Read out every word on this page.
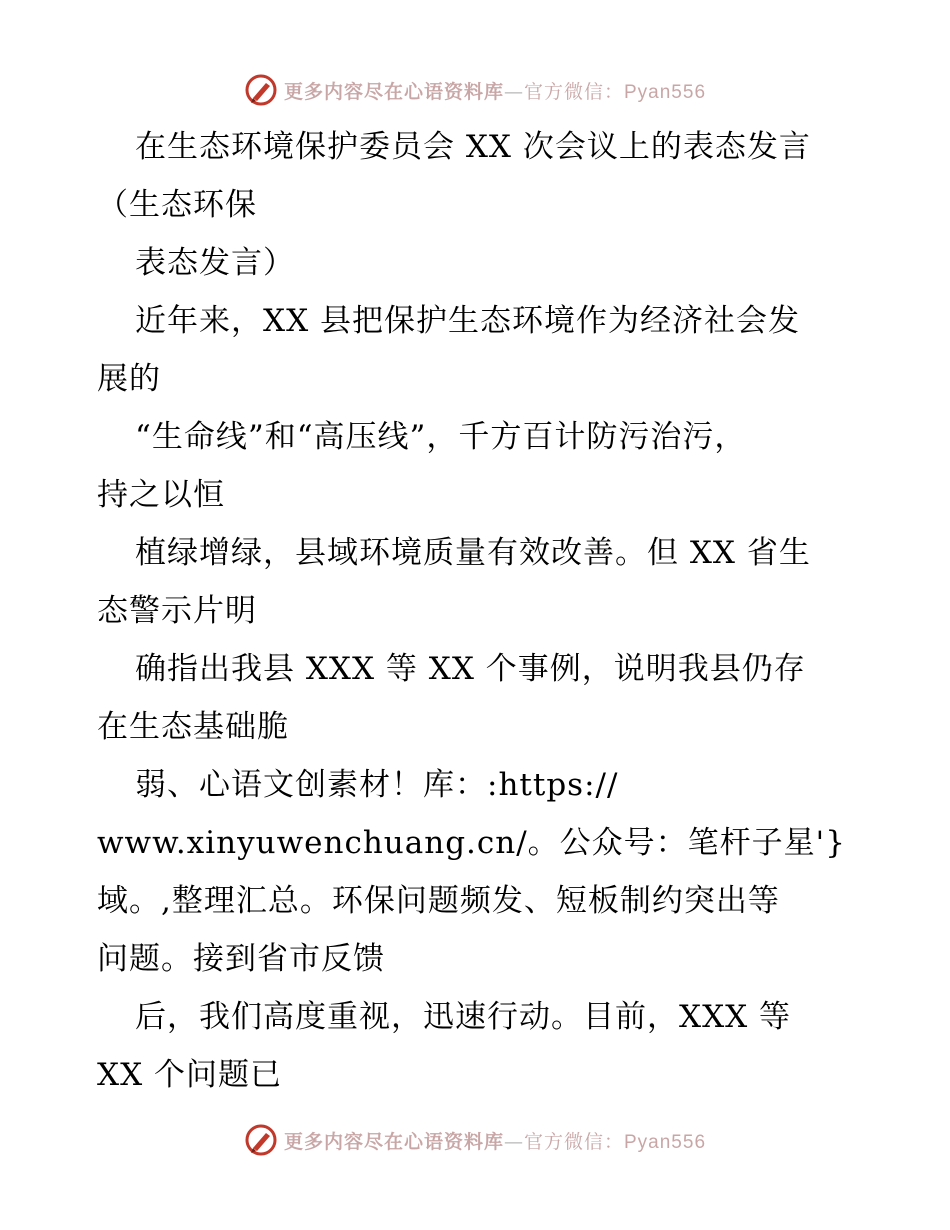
更多内容尽在心语资料库—官方微信：Pyan556
在生态环境保护委员会 XX 次会议上的表态发言
（生态环保
表态发言）
近年来，XX 县把保护生态环境作为经济社会发
展的
“生命线”和“高压线”，千方百计防污治污，
持之以恒
植绿增绿，县域环境质量有效改善。但 XX 省生
态警示片明
确指出我县 XXX 等 XX 个事例，说明我县仍存
在生态基础脆
弱、心语文创素材！库：:https://
www.xinyuwenchuang.cn/。公众号：笔杆子星'}
域。,整理汇总。环保问题频发、短板制约突出等
问题。接到省市反馈
后，我们高度重视，迅速行动。目前，XXX 等
XX 个问题已
更多内容尽在心语资料库—官方微信：Pyan556
